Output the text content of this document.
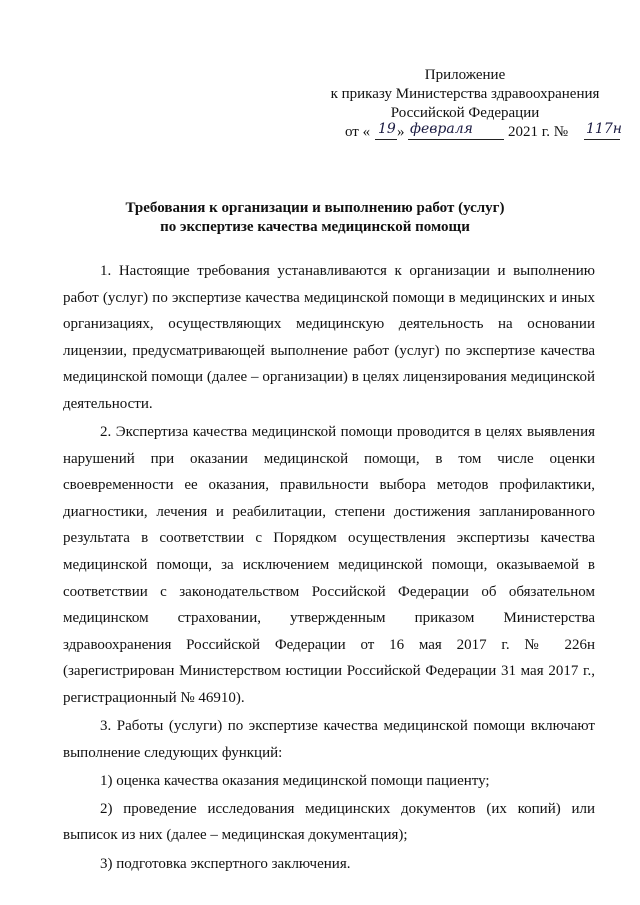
Приложение
к приказу Министерства здравоохранения
Российской Федерации
от « 19 » февраля 2021 г. № 117н
Требования к организации и выполнению работ (услуг)
по экспертизе качества медицинской помощи

1. Настоящие требования устанавливаются к организации и выполнению работ (услуг) по экспертизе качества медицинской помощи в медицинских и иных организациях, осуществляющих медицинскую деятельность на основании лицензии, предусматривающей выполнение работ (услуг) по экспертизе качества медицинской помощи (далее – организации) в целях лицензирования медицинской деятельности.

2. Экспертиза качества медицинской помощи проводится в целях выявления нарушений при оказании медицинской помощи, в том числе оценки своевременности ее оказания, правильности выбора методов профилактики, диагностики, лечения и реабилитации, степени достижения запланированного результата в соответствии с Порядком осуществления экспертизы качества медицинской помощи, за исключением медицинской помощи, оказываемой в соответствии с законодательством Российской Федерации об обязательном медицинском страховании, утвержденным приказом Министерства здравоохранения Российской Федерации от 16 мая 2017 г. № 226н (зарегистрирован Министерством юстиции Российской Федерации 31 мая 2017 г., регистрационный № 46910).

3. Работы (услуги) по экспертизе качества медицинской помощи включают выполнение следующих функций:

1) оценка качества оказания медицинской помощи пациенту;

2) проведение исследования медицинских документов (их копий) или выписок из них (далее – медицинская документация);

3) подготовка экспертного заключения.
